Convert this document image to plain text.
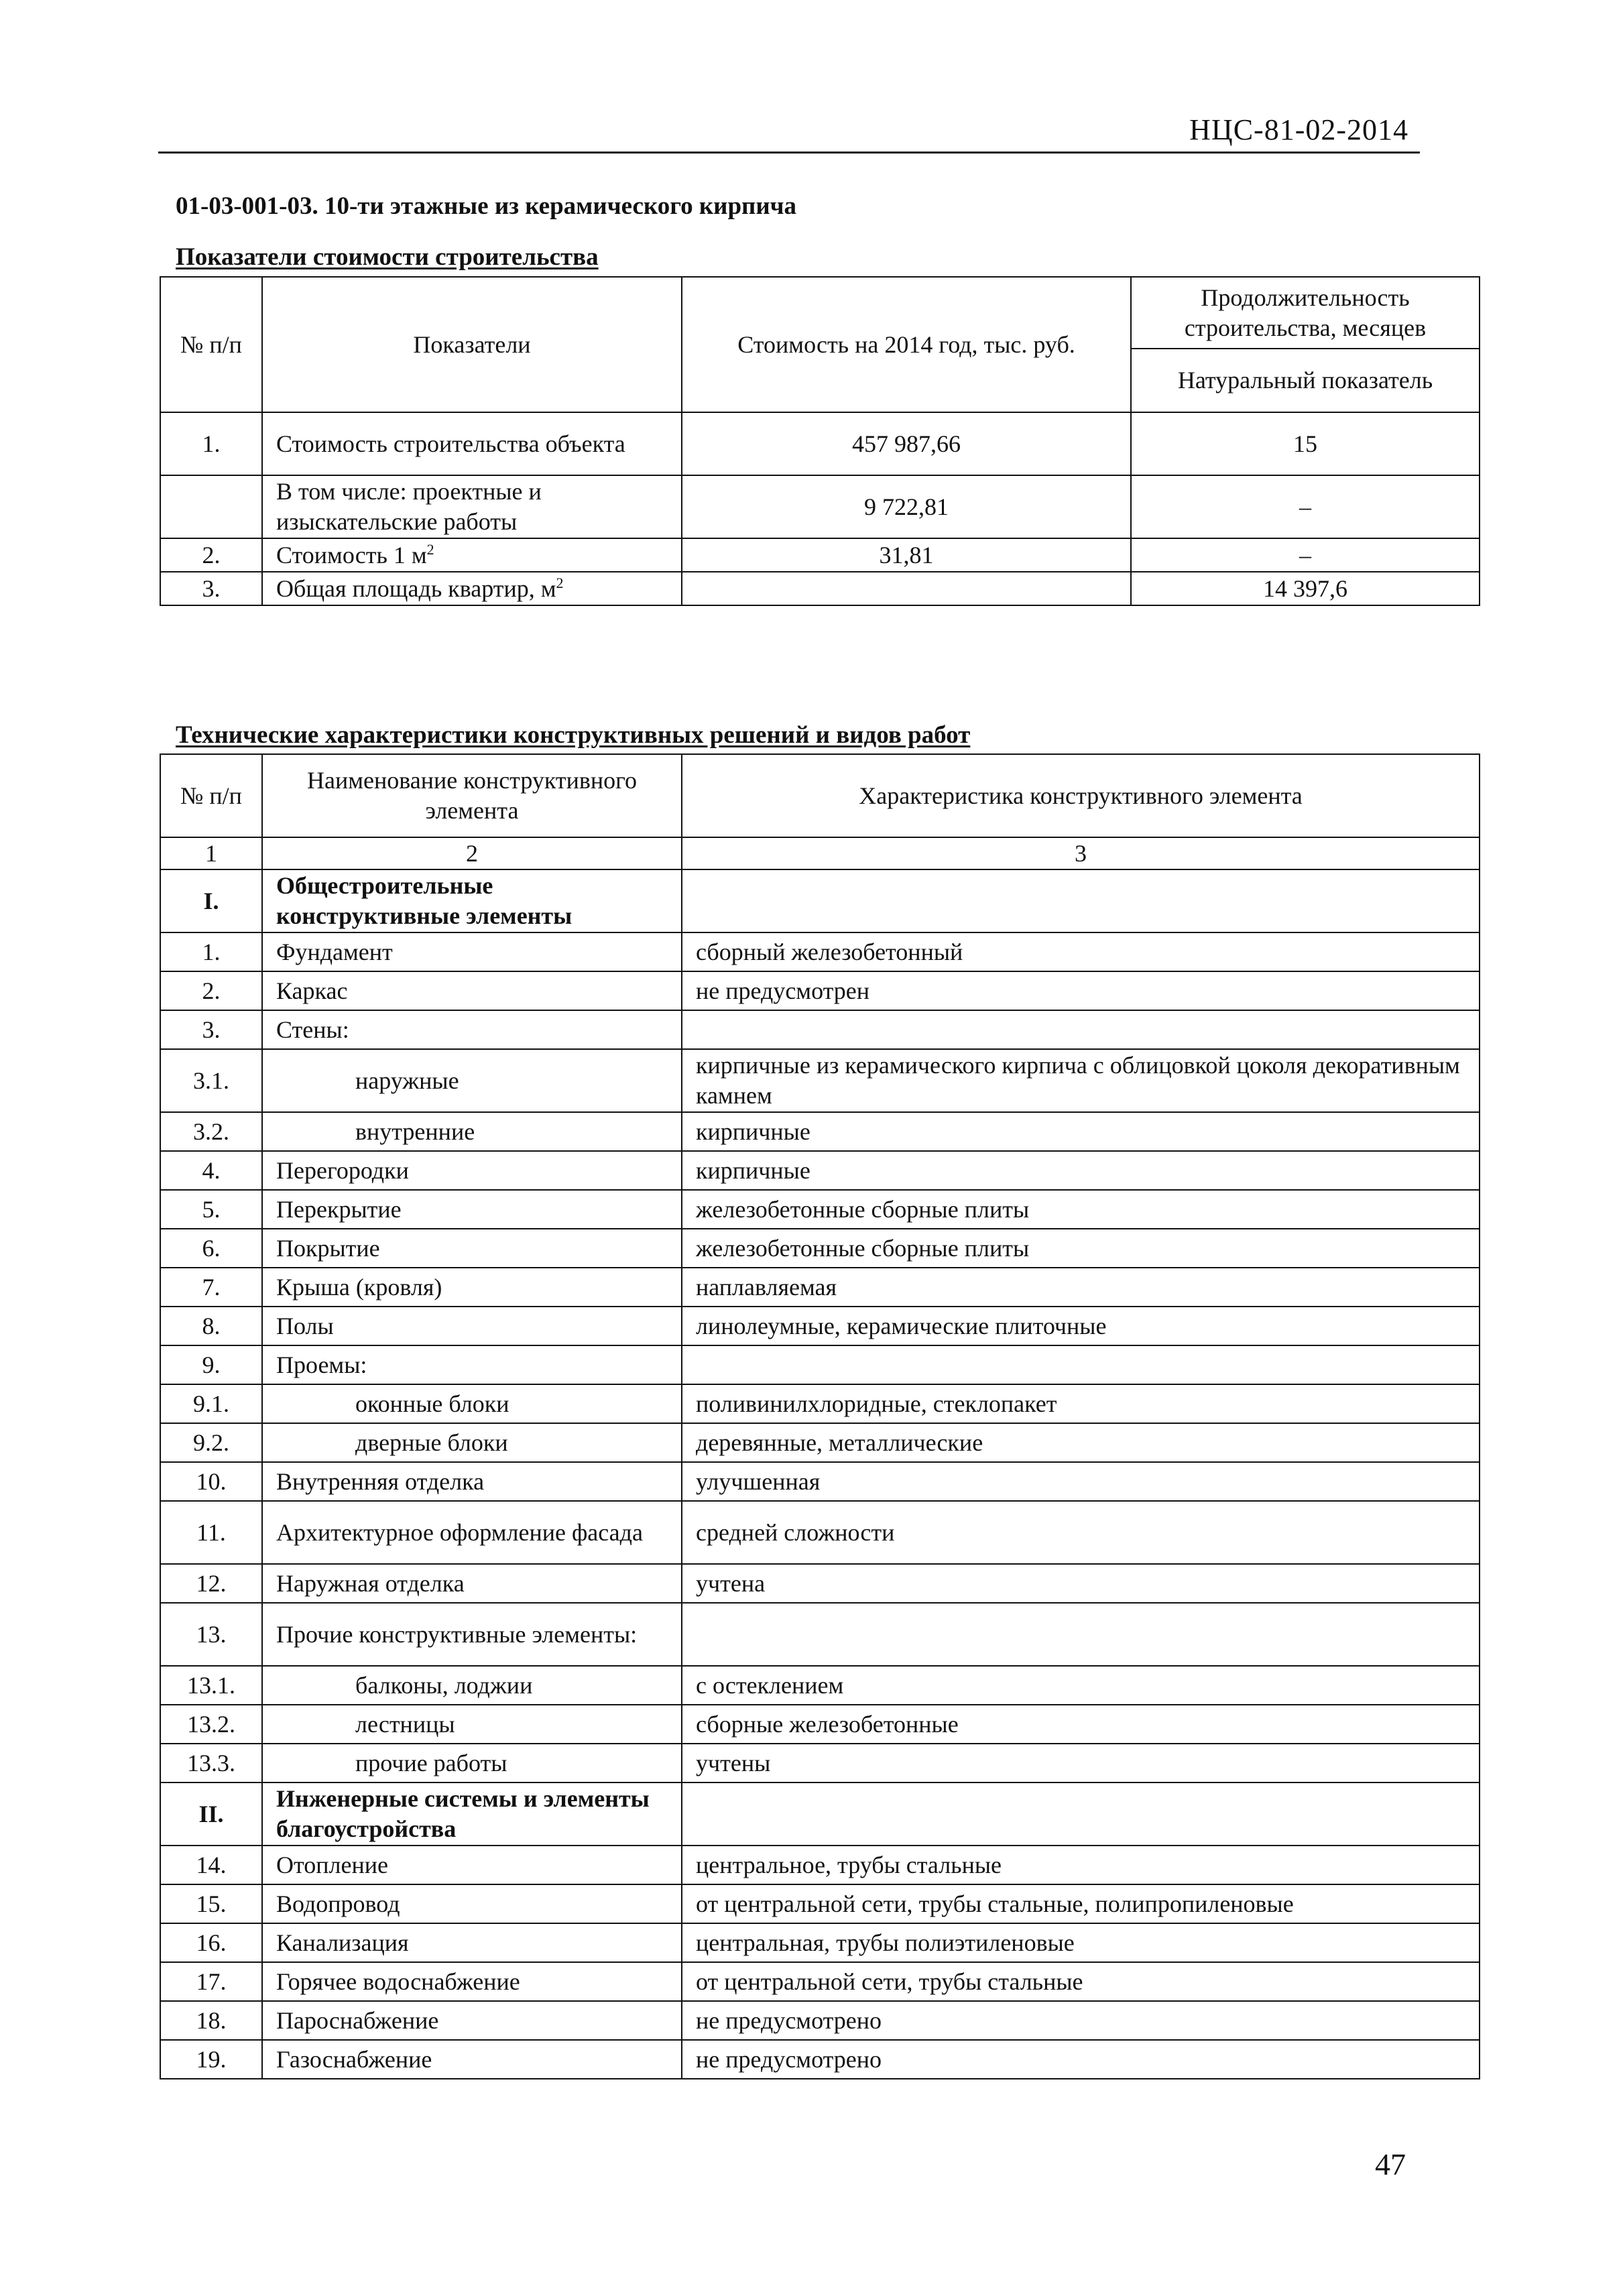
НЦС-81-02-2014
01-03-001-03. 10-ти этажные из керамического кирпича
Показатели стоимости строительства
№ п/п	Показатели	Стоимость на 2014 год, тыс. руб.	Продолжительность строительства, месяцев
Натуральный показатель

1.	Стоимость строительства объекта	457 987,66	15
	В том числе: проектные и изыскательские работы	9 722,81	–
2.	Стоимость 1 $м^2$	31,81	–
3.	Общая площадь квартир, $м^2$		14 397,6
Технические характеристики конструктивных решений и видов работ
№ п/п	Наименование конструктивного элемента	Характеристика конструктивного элемента
1	2	3
I.	Общестроительные конструктивные элементы	
1.	Фундамент	сборный железобетонный
2.	Каркас	не предусмотрен
3.	Стены:	
3.1.	наружные	кирпичные из керамического кирпича с облицовкой цоколя декоративным камнем
3.2.	внутренние	кирпичные
4.	Перегородки	кирпичные
5.	Перекрытие	железобетонные сборные плиты
6.	Покрытие	железобетонные сборные плиты
7.	Крыша (кровля)	наплавляемая
8.	Полы	линолеумные, керамические плиточные
9.	Проемы:	
9.1.	оконные блоки	поливинилхлоридные, стеклопакет
9.2.	дверные блоки	деревянные, металлические
10.	Внутренняя отделка	улучшенная
11.	Архитектурное оформление фасада	средней сложности
12.	Наружная отделка	учтена
13.	Прочие конструктивные элементы:	
13.1.	балконы, лоджии	с остеклением
13.2.	лестницы	сборные железобетонные
13.3.	прочие работы	учтены
II.	Инженерные системы и элементы благоустройства	
14.	Отопление	центральное, трубы стальные
15.	Водопровод	от центральной сети, трубы стальные, полипропиленовые
16.	Канализация	центральная, трубы полиэтиленовые
17.	Горячее водоснабжение	от центральной сети, трубы стальные
18.	Пароснабжение	не предусмотрено
19.	Газоснабжение	не предусмотрено
47
